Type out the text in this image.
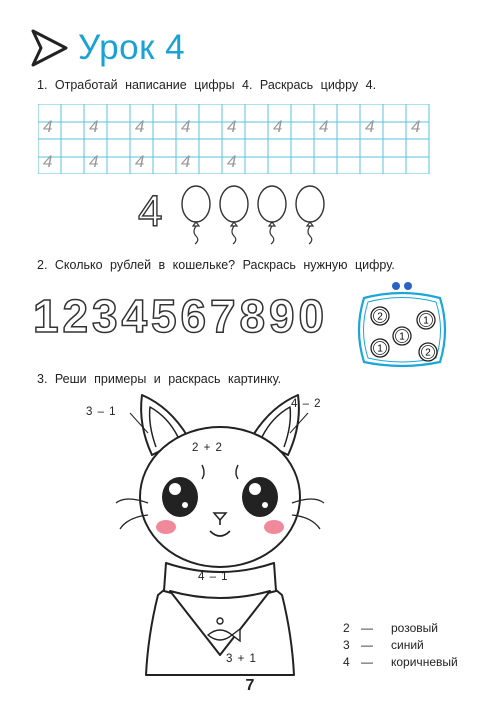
Урок 4
1. Отработай написание цифры 4. Раскрась цифру 4.
4 4 4 4 4 4 4 4 4
4 4 4 4 4
4
2. Сколько рублей в кошельке? Раскрась нужную цифру.
1 2 3 4 5 6 7 8 9 0	2
1
1
1	2
3. Реши примеры и раскрась картинку.
3 – 1
4 – 2
2 + 2
4 – 1
3 + 1
2 —	розовый
3 —	синий
4 —	коричневый
7
